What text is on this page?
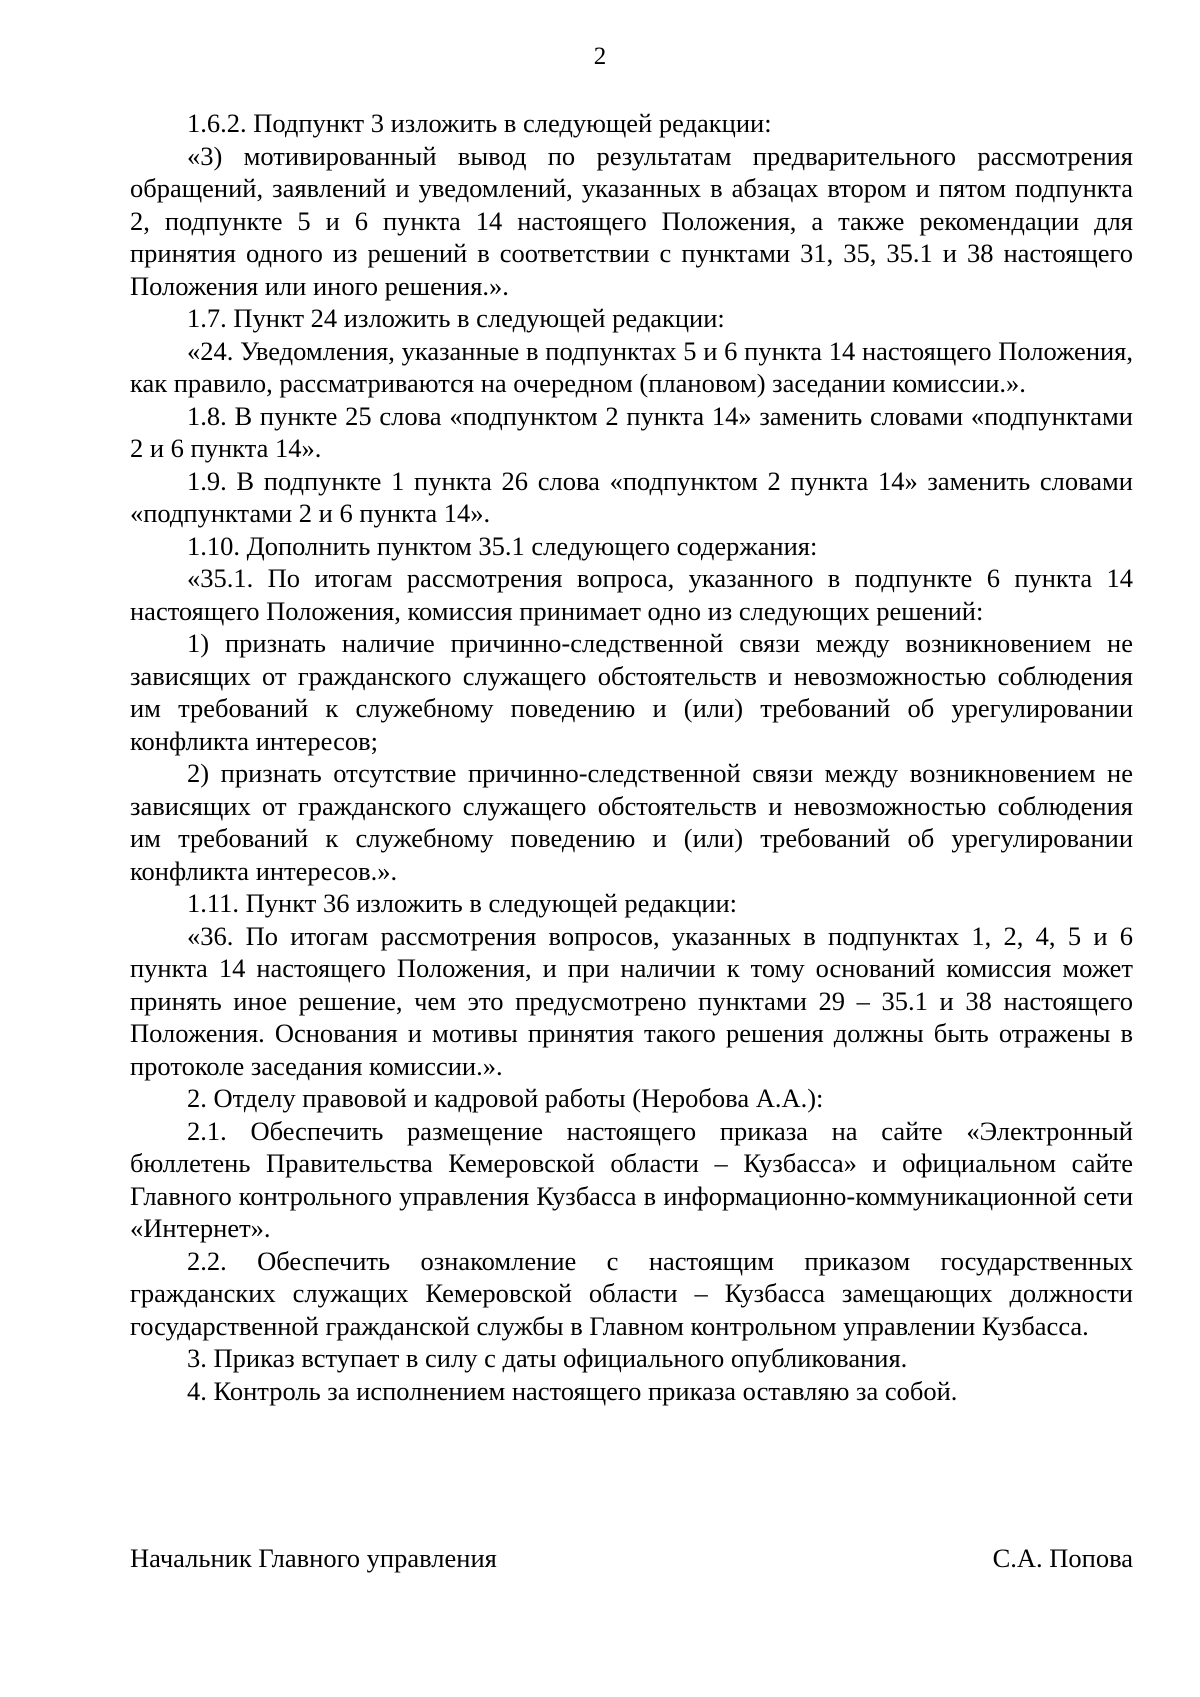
2

1.6.2. Подпункт 3 изложить в следующей редакции:

«3) мотивированный вывод по результатам предварительного рассмотрения обращений, заявлений и уведомлений, указанных в абзацах втором и пятом подпункта 2, подпункте 5 и 6 пункта 14 настоящего Положения, а также рекомендации для принятия одного из решений в соответствии с пунктами 31, 35, 35.1 и 38 настоящего Положения или иного решения.».

1.7. Пункт 24 изложить в следующей редакции:

«24. Уведомления, указанные в подпунктах 5 и 6 пункта 14 настоящего Положения, как правило, рассматриваются на очередном (плановом) заседании комиссии.».

1.8. В пункте 25 слова «подпунктом 2 пункта 14» заменить словами «подпунктами 2 и 6 пункта 14».

1.9. В подпункте 1 пункта 26 слова «подпунктом 2 пункта 14» заменить словами «подпунктами 2 и 6 пункта 14».

1.10. Дополнить пунктом 35.1 следующего содержания:

«35.1. По итогам рассмотрения вопроса, указанного в подпункте 6 пункта 14 настоящего Положения, комиссия принимает одно из следующих решений:

1) признать наличие причинно-следственной связи между возникновением не зависящих от гражданского служащего обстоятельств и невозможностью соблюдения им требований к служебному поведению и (или) требований об урегулировании конфликта интересов;

2) признать отсутствие причинно-следственной связи между возникновением не зависящих от гражданского служащего обстоятельств и невозможностью соблюдения им требований к служебному поведению и (или) требований об урегулировании конфликта интересов.».

1.11. Пункт 36 изложить в следующей редакции:

«36. По итогам рассмотрения вопросов, указанных в подпунктах 1, 2, 4, 5 и 6 пункта 14 настоящего Положения, и при наличии к тому оснований комиссия может принять иное решение, чем это предусмотрено пунктами 29 – 35.1 и 38 настоящего Положения. Основания и мотивы принятия такого решения должны быть отражены в протоколе заседания комиссии.».

2. Отделу правовой и кадровой работы (Неробова А.А.):

2.1. Обеспечить размещение настоящего приказа на сайте «Электронный бюллетень Правительства Кемеровской области – Кузбасса» и официальном сайте Главного контрольного управления Кузбасса в информационно-коммуникационной сети «Интернет».

2.2. Обеспечить ознакомление с настоящим приказом государственных гражданских служащих Кемеровской области – Кузбасса замещающих должности государственной гражданской службы в Главном контрольном управлении Кузбасса.

3. Приказ вступает в силу с даты официального опубликования.

4. Контроль за исполнением настоящего приказа оставляю за собой.

Начальник Главного управления	С.А. Попова
